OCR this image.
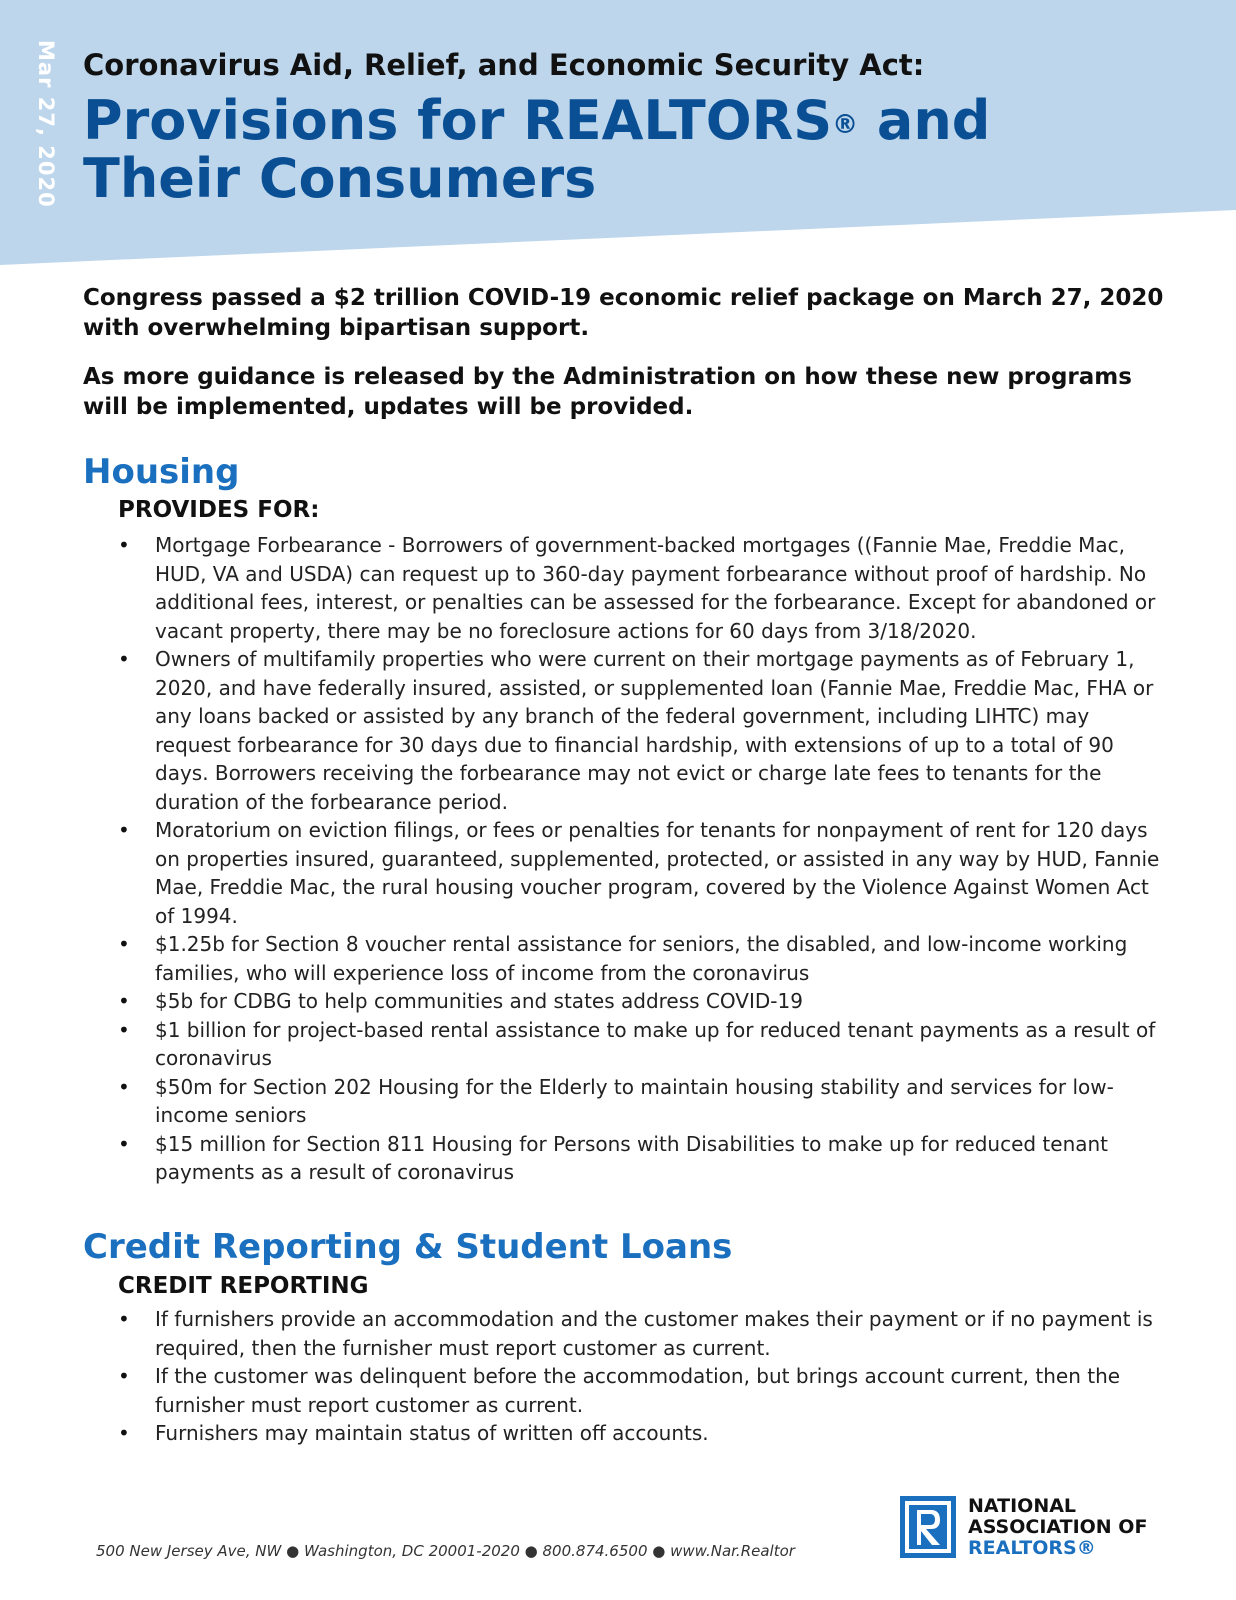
Mar 27, 2020 Coronavirus Aid, Relief, and Economic Security Act:
Provisions for REALTORS® and Their Consumers
Congress passed a $2 trillion COVID-19 economic relief package on March 27, 2020 with overwhelming bipartisan support.
As more guidance is released by the Administration on how these new programs will be implemented, updates will be provided.
Housing
PROVIDES FOR:
• Mortgage Forbearance - Borrowers of government-backed mortgages ((Fannie Mae, Freddie Mac, HUD, VA and USDA) can request up to 360-day payment forbearance without proof of hardship. No additional fees, interest, or penalties can be assessed for the forbearance. Except for abandoned or vacant property, there may be no foreclosure actions for 60 days from 3/18/2020.
• Owners of multifamily properties who were current on their mortgage payments as of February 1, 2020, and have federally insured, assisted, or supplemented loan (Fannie Mae, Freddie Mac, FHA or any loans backed or assisted by any branch of the federal government, including LIHTC) may request forbearance for 30 days due to financial hardship, with extensions of up to a total of 90 days. Borrowers receiving the forbearance may not evict or charge late fees to tenants for the duration of the forbearance period.
• Moratorium on eviction filings, or fees or penalties for tenants for nonpayment of rent for 120 days on properties insured, guaranteed, supplemented, protected, or assisted in any way by HUD, Fannie Mae, Freddie Mac, the rural housing voucher program, covered by the Violence Against Women Act of 1994.
• $1.25b for Section 8 voucher rental assistance for seniors, the disabled, and low-income working families, who will experience loss of income from the coronavirus
• $5b for CDBG to help communities and states address COVID-19
• $1 billion for project-based rental assistance to make up for reduced tenant payments as a result of coronavirus
• $50m for Section 202 Housing for the Elderly to maintain housing stability and services for low-income seniors
• $15 million for Section 811 Housing for Persons with Disabilities to make up for reduced tenant payments as a result of coronavirus
Credit Reporting & Student Loans
CREDIT REPORTING
• If furnishers provide an accommodation and the customer makes their payment or if no payment is required, then the furnisher must report customer as current.
• If the customer was delinquent before the accommodation, but brings account current, then the furnisher must report customer as current.
• Furnishers may maintain status of written off accounts.
500 New Jersey Ave, NW ● Washington, DC 20001-2020 ● 800.874.6500 ● www.Nar.Realtor
NATIONAL
ASSOCIATION OF
REALTORS®
